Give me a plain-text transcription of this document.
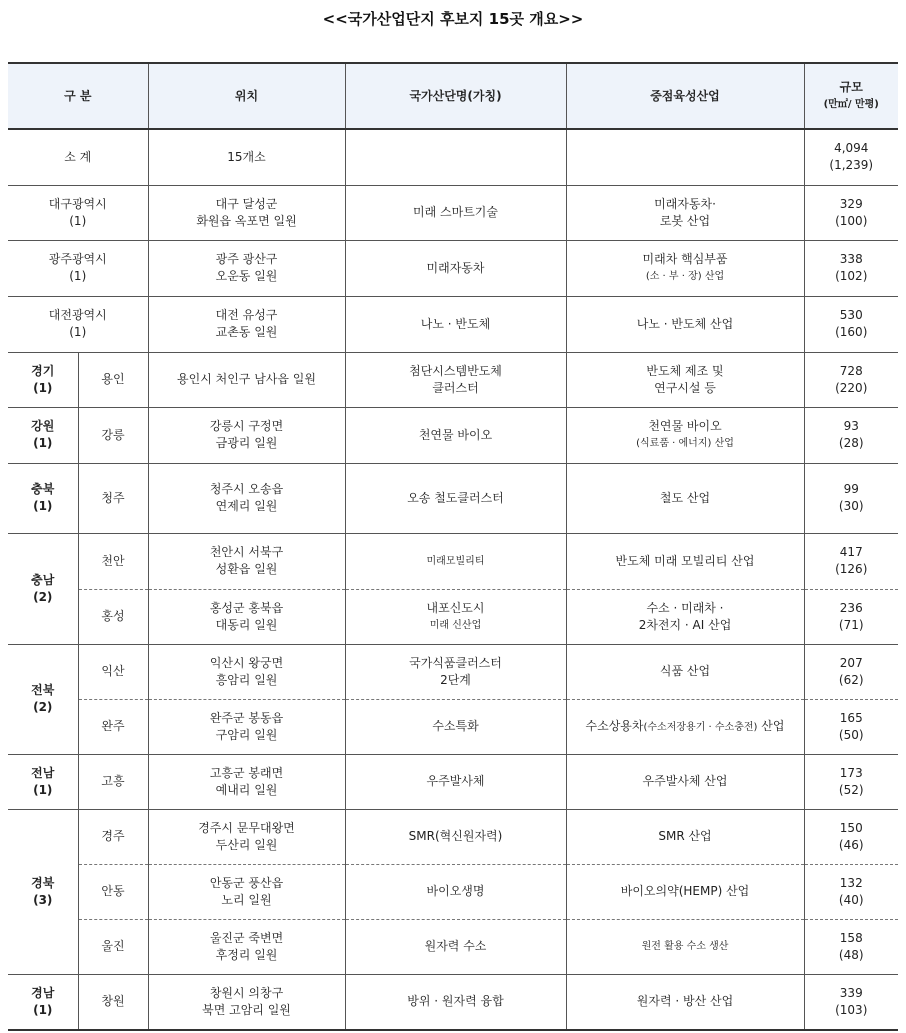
<<국가산업단지 후보지 15곳 개요>>
구 분		위치	국가산단명(가칭)	중점육성산업	규모
(만㎡/ 만평)

소 계		15개소			4,094
(1,239)

대구광역시
(1)		대구 달성군
화원읍 옥포면 일원	미래 스마트기술	미래자동차·
로봇 산업	329
(100)

광주광역시
(1)		광주 광산구
오운동 일원	미래자동차	미래차 핵심부품
(소 · 부 · 장) 산업	338
(102)

대전광역시
(1)		대전 유성구
교촌동 일원	나노 · 반도체	나노 · 반도체 산업	530
(160)

경기
(1)	용인	용인시 처인구 남사읍 일원	첨단시스템반도체
클러스터	반도체 제조 및
연구시설 등	728
(220)

강원
(1)	강릉	강릉시 구정면
금광리 일원	천연물 바이오	천연물 바이오
(식료품 · 에너지) 산업	93
(28)

충북
(1)	청주	청주시 오송읍
연제리 일원	오송 철도클러스터	철도 산업	99
(30)

충남
(2)	천안	천안시 서북구
성환읍 일원	미래모빌리티	반도체 미래 모빌리티 산업	417
(126)

	홍성	홍성군 홍북읍
대동리 일원	내포신도시
미래 신산업	수소 · 미래차 ·
2차전지 · AI 산업	236
(71)

전북
(2)	익산	익산시 왕궁면
흥암리 일원	국가식품클러스터
2단계	식품 산업	207
(62)

	완주	완주군 봉동읍
구암리 일원	수소특화	수소상용차(수소저장용기 · 수소충전) 산업	165
(50)

전남
(1)	고흥	고흥군 봉래면
예내리 일원	우주발사체	우주발사체 산업	173
(52)

경북
(3)	경주	경주시 문무대왕면
두산리 일원	SMR(혁신원자력)	SMR 산업	150
(46)

	안동	안동군 풍산읍
노리 일원	바이오생명	바이오의약(HEMP) 산업	132
(40)

	울진	울진군 죽변면
후정리 일원	원자력 수소	원전 활용 수소 생산	158
(48)

경남
(1)	창원	창원시 의창구
북면 고암리 일원	방위 · 원자력 융합	원자력 · 방산 산업	339
(103)
